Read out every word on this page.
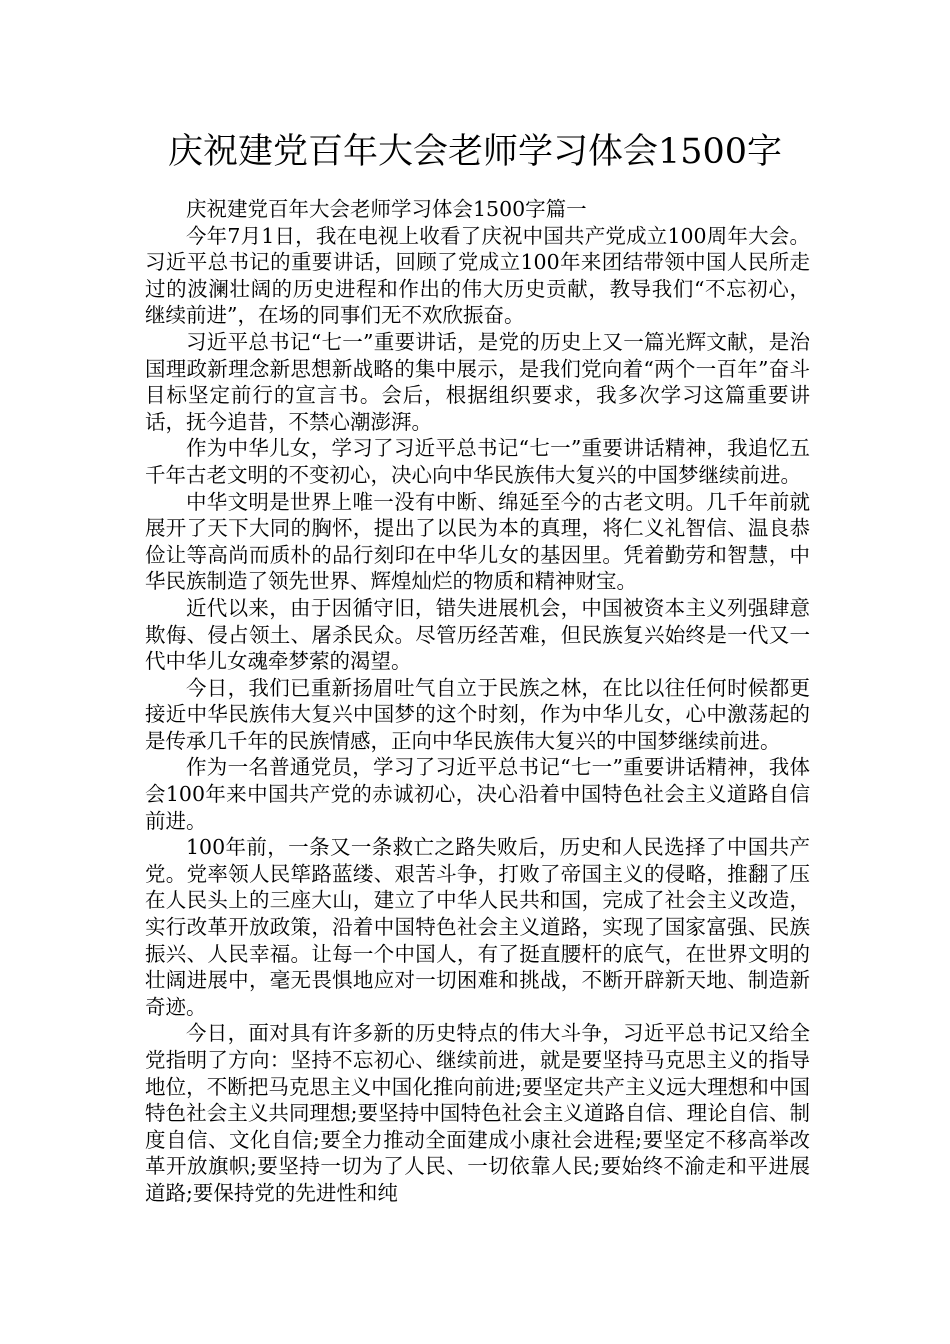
庆祝建党百年大会老师学习体会1500字

庆祝建党百年大会老师学习体会1500字篇一

今年7月1日，我在电视上收看了庆祝中国共产党成立100周年大会。习近平总书记的重要讲话，回顾了党成立100年来团结带领中国人民所走过的波澜壮阔的历史进程和作出的伟大历史贡献，教导我们“不忘初心，继续前进”，在场的同事们无不欢欣振奋。

习近平总书记“七一”重要讲话，是党的历史上又一篇光辉文献，是治国理政新理念新思想新战略的集中展示，是我们党向着“两个一百年”奋斗目标坚定前行的宣言书。会后，根据组织要求，我多次学习这篇重要讲话，抚今追昔，不禁心潮澎湃。

作为中华儿女，学习了习近平总书记“七一”重要讲话精神，我追忆五千年古老文明的不变初心，决心向中华民族伟大复兴的中国梦继续前进。

中华文明是世界上唯一没有中断、绵延至今的古老文明。几千年前就展开了天下大同的胸怀，提出了以民为本的真理，将仁义礼智信、温良恭俭让等高尚而质朴的品行刻印在中华儿女的基因里。凭着勤劳和智慧，中华民族制造了领先世界、辉煌灿烂的物质和精神财宝。

近代以来，由于因循守旧，错失进展机会，中国被资本主义列强肆意欺侮、侵占领土、屠杀民众。尽管历经苦难，但民族复兴始终是一代又一代中华儿女魂牵梦萦的渴望。

今日，我们已重新扬眉吐气自立于民族之林，在比以往任何时候都更接近中华民族伟大复兴中国梦的这个时刻，作为中华儿女，心中激荡起的是传承几千年的民族情感，正向中华民族伟大复兴的中国梦继续前进。

作为一名普通党员，学习了习近平总书记“七一”重要讲话精神，我体会100年来中国共产党的赤诚初心，决心沿着中国特色社会主义道路自信前进。

100年前，一条又一条救亡之路失败后，历史和人民选择了中国共产党。党率领人民筚路蓝缕、艰苦斗争，打败了帝国主义的侵略，推翻了压在人民头上的三座大山，建立了中华人民共和国，完成了社会主义改造，实行改革开放政策，沿着中国特色社会主义道路，实现了国家富强、民族振兴、人民幸福。让每一个中国人，有了挺直腰杆的底气，在世界文明的壮阔进展中，毫无畏惧地应对一切困难和挑战，不断开辟新天地、制造新奇迹。

今日，面对具有许多新的历史特点的伟大斗争，习近平总书记又给全党指明了方向：坚持不忘初心、继续前进，就是要坚持马克思主义的指导地位，不断把马克思主义中国化推向前进;要坚定共产主义远大理想和中国特色社会主义共同理想;要坚持中国特色社会主义道路自信、理论自信、制度自信、文化自信;要全力推动全面建成小康社会进程;要坚定不移高举改革开放旗帜;要坚持一切为了人民、一切依靠人民;要始终不渝走和平进展道路;要保持党的先进性和纯
